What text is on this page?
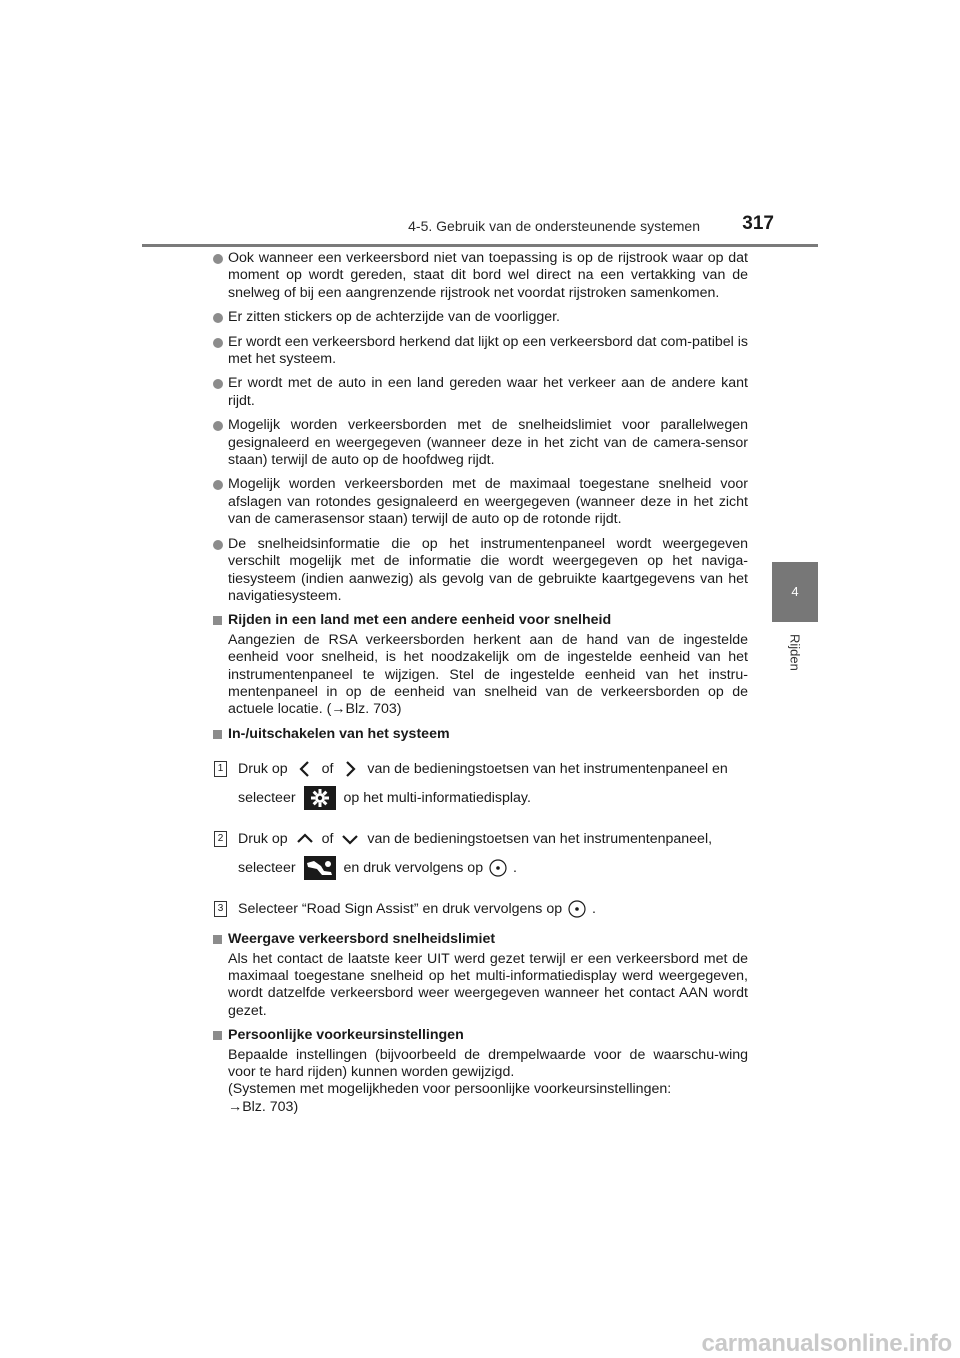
4-5. Gebruik van de ondersteunende systemen	317
4
Rijden
Ook wanneer een verkeersbord niet van toepassing is op de rijstrook waar op dat moment op wordt gereden, staat dit bord wel direct na een vertakking van de snelweg of bij een aangrenzende rijstrook net voordat rijstroken samenkomen.
Er zitten stickers op de achterzijde van de voorligger.
Er wordt een verkeersbord herkend dat lijkt op een verkeersbord dat com-patibel is met het systeem.
Er wordt met de auto in een land gereden waar het verkeer aan de andere kant rijdt.
Mogelijk worden verkeersborden met de snelheidslimiet voor parallelwegen gesignaleerd en weergegeven (wanneer deze in het zicht van de camera-sensor staan) terwijl de auto op de hoofdweg rijdt.
Mogelijk worden verkeersborden met de maximaal toegestane snelheid voor afslagen van rotondes gesignaleerd en weergegeven (wanneer deze in het zicht van de camerasensor staan) terwijl de auto op de rotonde rijdt.
De snelheidsinformatie die op het instrumentenpaneel wordt weergegeven verschilt mogelijk met de informatie die wordt weergegeven op het naviga-tiesysteem (indien aanwezig) als gevolg van de gebruikte kaartgegevens van het navigatiesysteem.
Rijden in een land met een andere eenheid voor snelheid
Aangezien de RSA verkeersborden herkent aan de hand van de ingestelde eenheid voor snelheid, is het noodzakelijk om de ingestelde eenheid van het instrumentenpaneel te wijzigen. Stel de ingestelde eenheid van het instru-mentenpaneel in op de eenheid van snelheid van de verkeersborden op de actuele locatie. (→Blz. 703)
In-/uitschakelen van het systeem
1 Druk op of van de bedieningstoetsen van het instrumentenpaneel en selecteer	op het multi-informatiedisplay.
2 Druk op of van de bedieningstoetsen van het instrumentenpaneel, selecteer	en druk vervolgens op .
3 Selecteer “Road Sign Assist” en druk vervolgens op .
Weergave verkeersbord snelheidslimiet
Als het contact de laatste keer UIT werd gezet terwijl er een verkeersbord met de maximaal toegestane snelheid op het multi-informatiedisplay werd weergegeven, wordt datzelfde verkeersbord weer weergegeven wanneer het contact AAN wordt gezet.
Persoonlijke voorkeursinstellingen
Bepaalde instellingen (bijvoorbeeld de drempelwaarde voor de waarschu-wing voor te hard rijden) kunnen worden gewijzigd.
(Systemen met mogelijkheden voor persoonlijke voorkeursinstellingen:
→Blz. 703)
carmanualsonline.info
